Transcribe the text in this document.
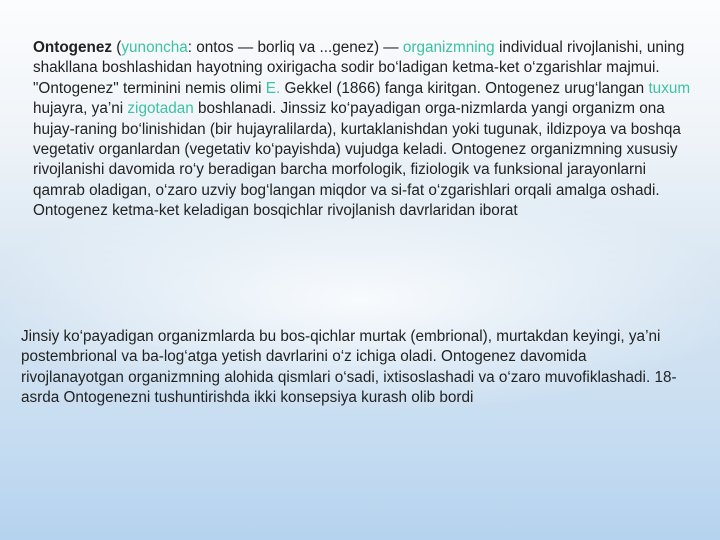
Ontogenez (yunoncha: ontos — borliq va ...genez) — organizmning individual rivojlanishi, uning shakllana boshlashidan hayotning oxirigacha sodir bo‘ladigan ketma-ket o‘zgarishlar majmui. "Ontogenez" terminini nemis olimi E. Gekkel (1866) fanga kiritgan. Ontogenez urug‘langan tuxum hujayra, ya’ni zigotadan boshlanadi. Jinssiz ko‘payadigan orga-nizmlarda yangi organizm ona hujay-raning bo‘linishidan (bir hujayralilarda), kurtaklanishdan yoki tugunak, ildizpoya va boshqa vegetativ organlardan (vegetativ ko‘payishda) vujudga keladi. Ontogenez organizmning xususiy rivojlanishi davomida ro‘y beradigan barcha morfologik, fiziologik va funksional jarayonlarni qamrab oladigan, o‘zaro uzviy bog‘langan miqdor va si-fat o‘zgarishlari orqali amalga oshadi. Ontogenez ketma-ket keladigan bosqichlar rivojlanish davrlaridan iborat

Jinsiy ko‘payadigan organizmlarda bu bos-qichlar murtak (embrional), murtakdan keyingi, ya’ni postembrional va ba-log‘atga yetish davrlarini o‘z ichiga oladi. Ontogenez davomida rivojlanayotgan organizmning alohida qismlari o‘sadi, ixtisoslashadi va o‘zaro muvofiklashadi. 18-asrda Ontogenezni tushuntirishda ikki konsepsiya kurash olib bordi
